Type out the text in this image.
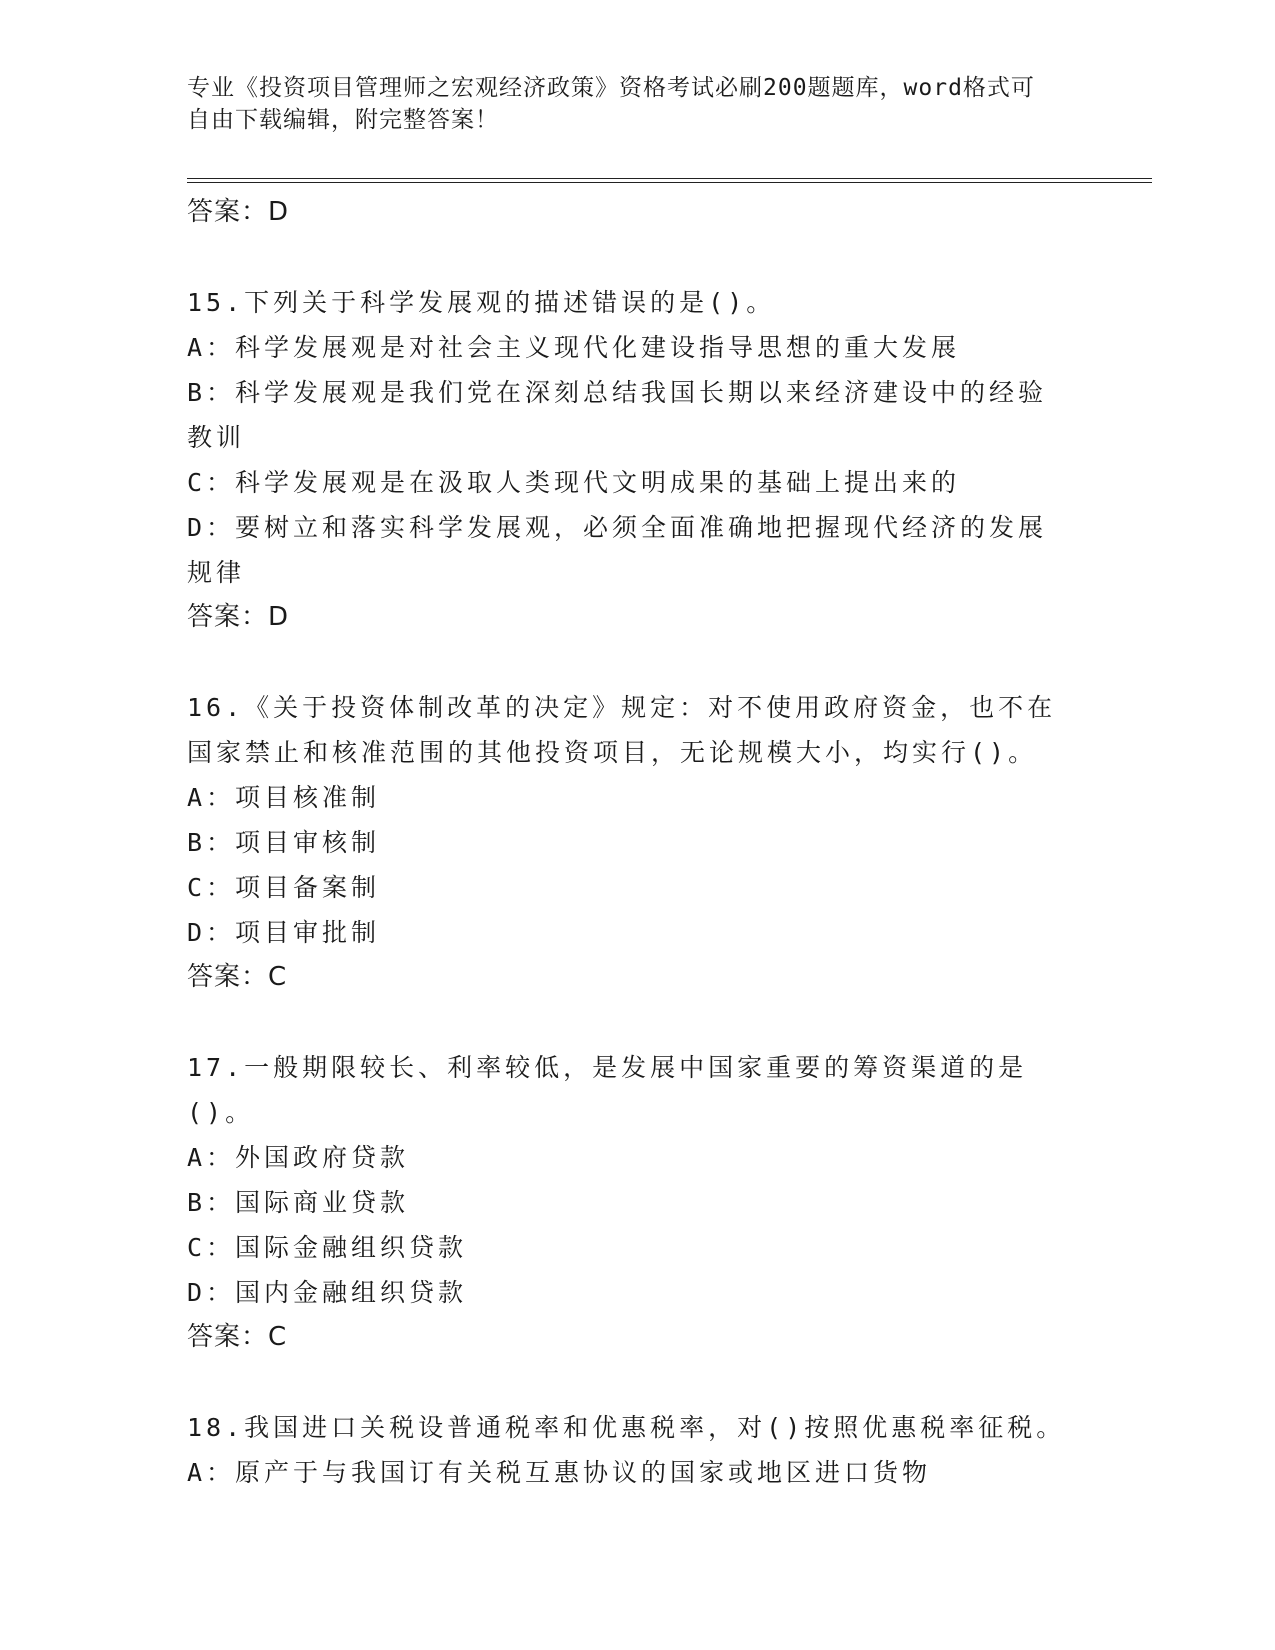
专业《投资项目管理师之宏观经济政策》资格考试必刷200题题库，word格式可
自由下载编辑，附完整答案！
答案：D
15.下列关于科学发展观的描述错误的是()。
A：科学发展观是对社会主义现代化建设指导思想的重大发展
B：科学发展观是我们党在深刻总结我国长期以来经济建设中的经验教训
C：科学发展观是在汲取人类现代文明成果的基础上提出来的
D：要树立和落实科学发展观，必须全面准确地把握现代经济的发展规律
答案：D
16.《关于投资体制改革的决定》规定：对不使用政府资金，也不在国家禁止和核准范围的其他投资项目，无论规模大小，均实行()。
A：项目核准制
B：项目审核制
C：项目备案制
D：项目审批制
答案：C
17.一般期限较长、利率较低，是发展中国家重要的筹资渠道的是()。
A：外国政府贷款
B：国际商业贷款
C：国际金融组织贷款
D：国内金融组织贷款
答案：C
18.我国进口关税设普通税率和优惠税率，对()按照优惠税率征税。
A：原产于与我国订有关税互惠协议的国家或地区进口货物
